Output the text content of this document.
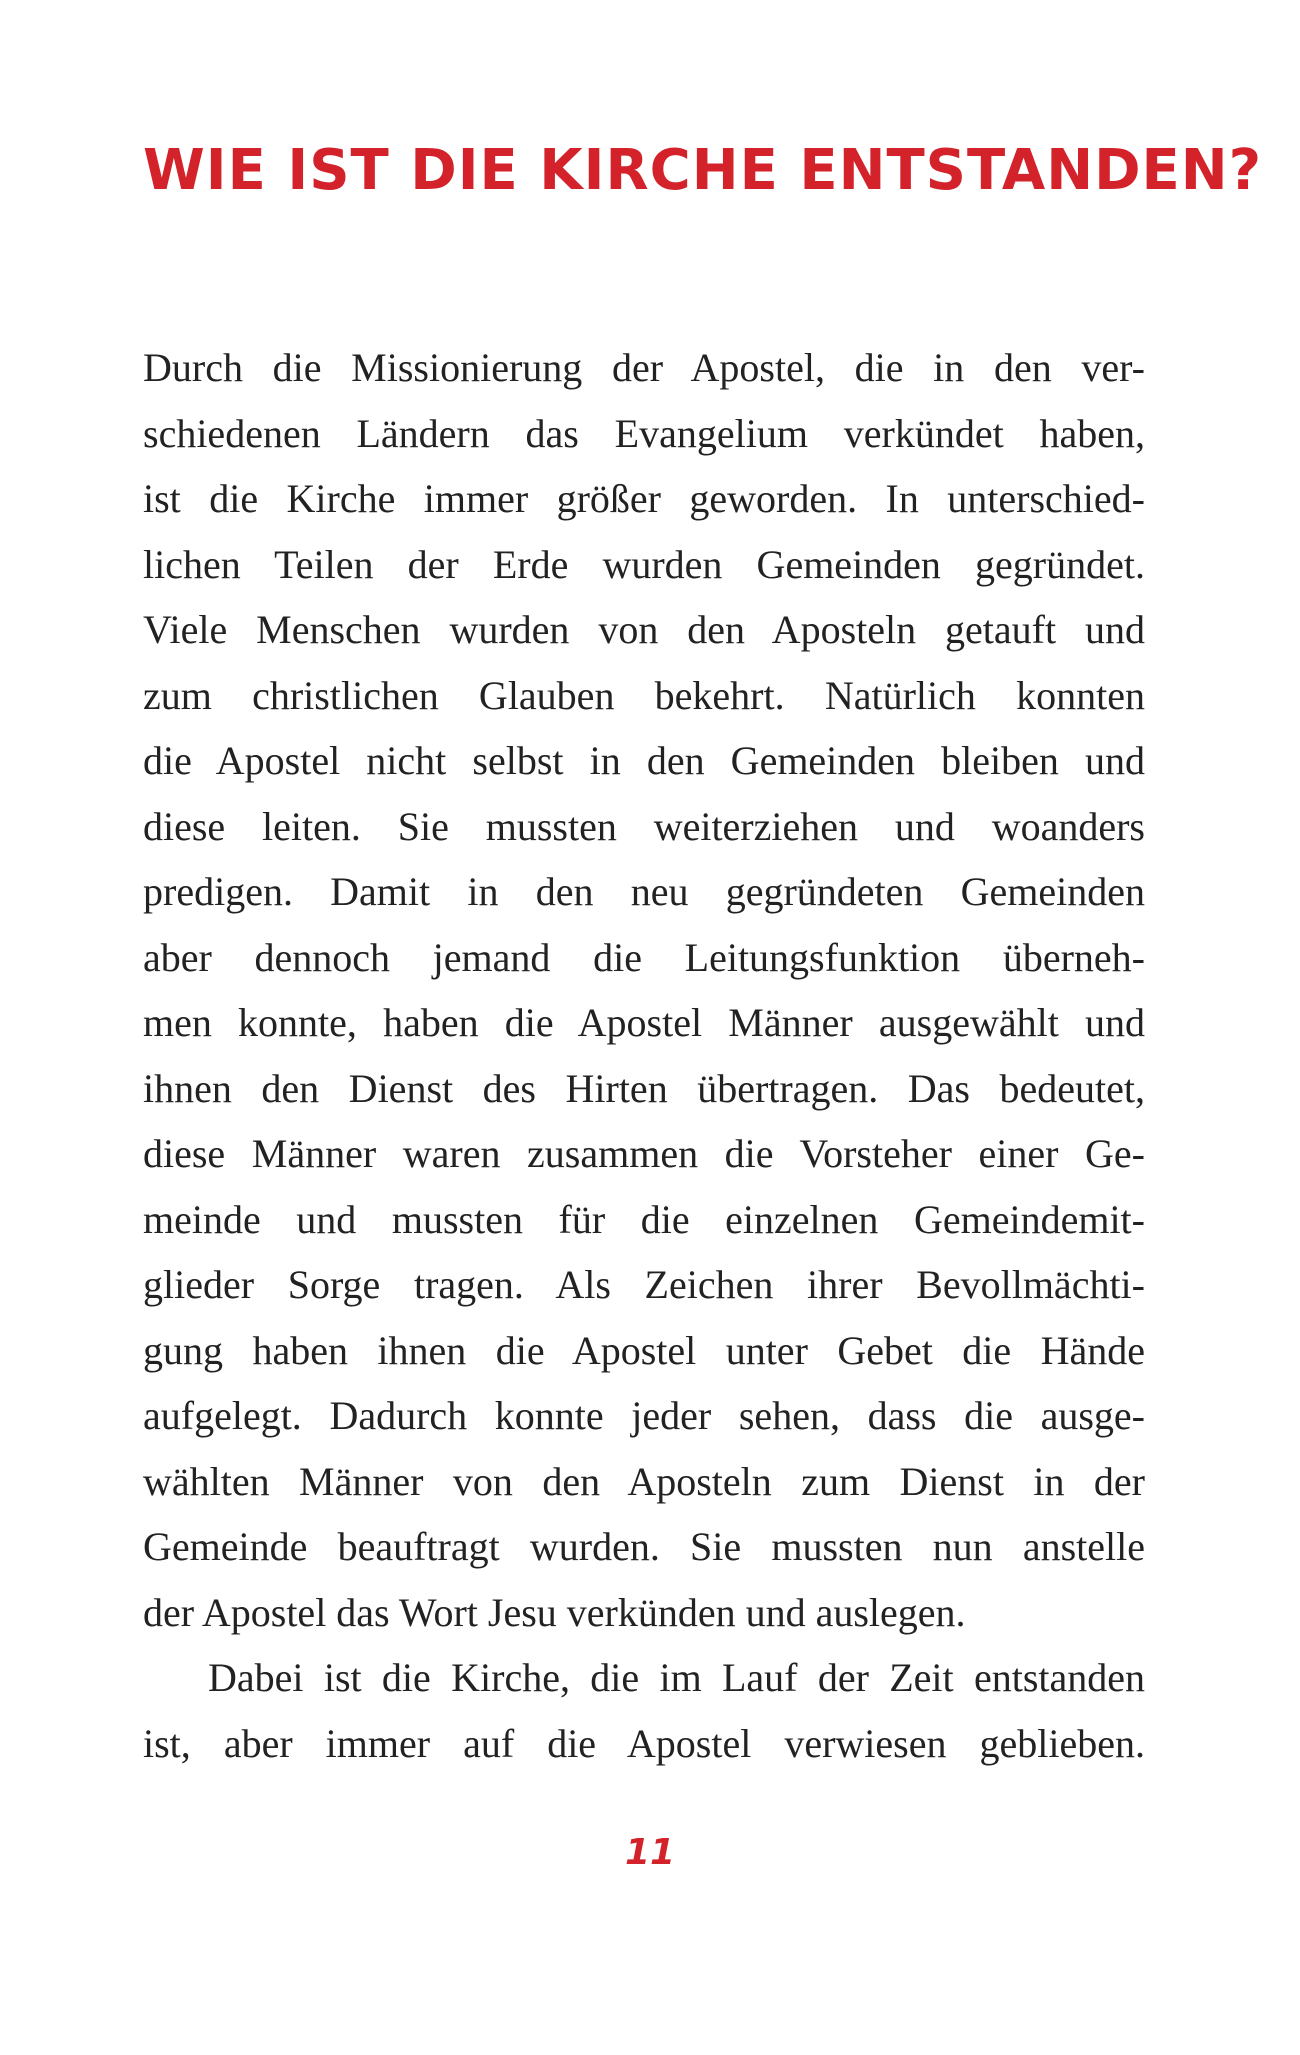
WIE IST DIE KIRCHE ENTSTANDEN?
Durch die Missionierung der Apostel, die in den ver-
schiedenen Ländern das Evangelium verkündet haben,
ist die Kirche immer größer geworden. In unterschied-
lichen Teilen der Erde wurden Gemeinden gegründet.
Viele Menschen wurden von den Aposteln getauft und
zum christlichen Glauben bekehrt. Natürlich konnten
die Apostel nicht selbst in den Gemeinden bleiben und
diese leiten. Sie mussten weiterziehen und woanders
predigen. Damit in den neu gegründeten Gemeinden
aber dennoch jemand die Leitungsfunktion überneh-
men konnte, haben die Apostel Männer ausgewählt und
ihnen den Dienst des Hirten übertragen. Das bedeutet,
diese Männer waren zusammen die Vorsteher einer Ge-
meinde und mussten für die einzelnen Gemeindemit-
glieder Sorge tragen. Als Zeichen ihrer Bevollmächti-
gung haben ihnen die Apostel unter Gebet die Hände
aufgelegt. Dadurch konnte jeder sehen, dass die ausge-
wählten Männer von den Aposteln zum Dienst in der
Gemeinde beauftragt wurden. Sie mussten nun anstelle
der Apostel das Wort Jesu verkünden und auslegen.
Dabei ist die Kirche, die im Lauf der Zeit entstanden
ist, aber immer auf die Apostel verwiesen geblieben.
11
